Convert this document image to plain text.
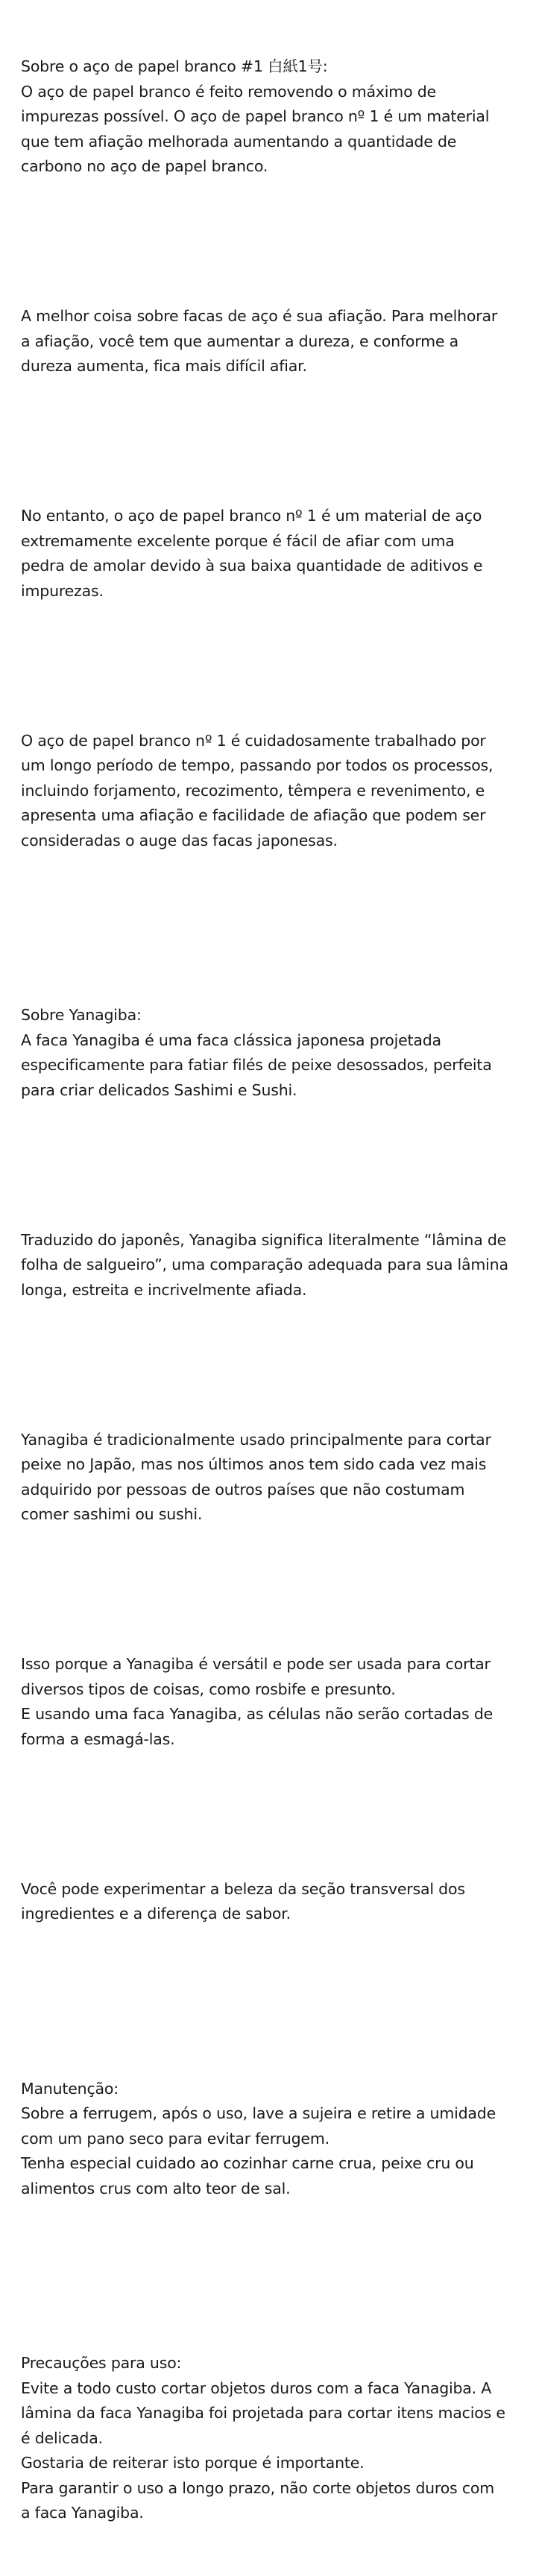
Sobre o aço de papel branco #1 白紙1号:
O aço de papel branco é feito removendo o máximo de
impurezas possível. O aço de papel branco nº 1 é um material
que tem afiação melhorada aumentando a quantidade de
carbono no aço de papel branco.

A melhor coisa sobre facas de aço é sua afiação. Para melhorar
a afiação, você tem que aumentar a dureza, e conforme a
dureza aumenta, fica mais difícil afiar.

No entanto, o aço de papel branco nº 1 é um material de aço
extremamente excelente porque é fácil de afiar com uma
pedra de amolar devido à sua baixa quantidade de aditivos e
impurezas.

O aço de papel branco nº 1 é cuidadosamente trabalhado por
um longo período de tempo, passando por todos os processos,
incluindo forjamento, recozimento, têmpera e revenimento, e
apresenta uma afiação e facilidade de afiação que podem ser
consideradas o auge das facas japonesas.

Sobre Yanagiba:
A faca Yanagiba é uma faca clássica japonesa projetada
especificamente para fatiar filés de peixe desossados, perfeita
para criar delicados Sashimi e Sushi.

Traduzido do japonês, Yanagiba significa literalmente “lâmina de
folha de salgueiro”, uma comparação adequada para sua lâmina
longa, estreita e incrivelmente afiada.

Yanagiba é tradicionalmente usado principalmente para cortar
peixe no Japão, mas nos últimos anos tem sido cada vez mais
adquirido por pessoas de outros países que não costumam
comer sashimi ou sushi.

Isso porque a Yanagiba é versátil e pode ser usada para cortar
diversos tipos de coisas, como rosbife e presunto.
E usando uma faca Yanagiba, as células não serão cortadas de
forma a esmagá-las.

Você pode experimentar a beleza da seção transversal dos
ingredientes e a diferença de sabor.

Manutenção:
Sobre a ferrugem, após o uso, lave a sujeira e retire a umidade
com um pano seco para evitar ferrugem.
Tenha especial cuidado ao cozinhar carne crua, peixe cru ou
alimentos crus com alto teor de sal.

Precauções para uso:
Evite a todo custo cortar objetos duros com a faca Yanagiba. A
lâmina da faca Yanagiba foi projetada para cortar itens macios e
é delicada.
Gostaria de reiterar isto porque é importante.
Para garantir o uso a longo prazo, não corte objetos duros com
a faca Yanagiba.
